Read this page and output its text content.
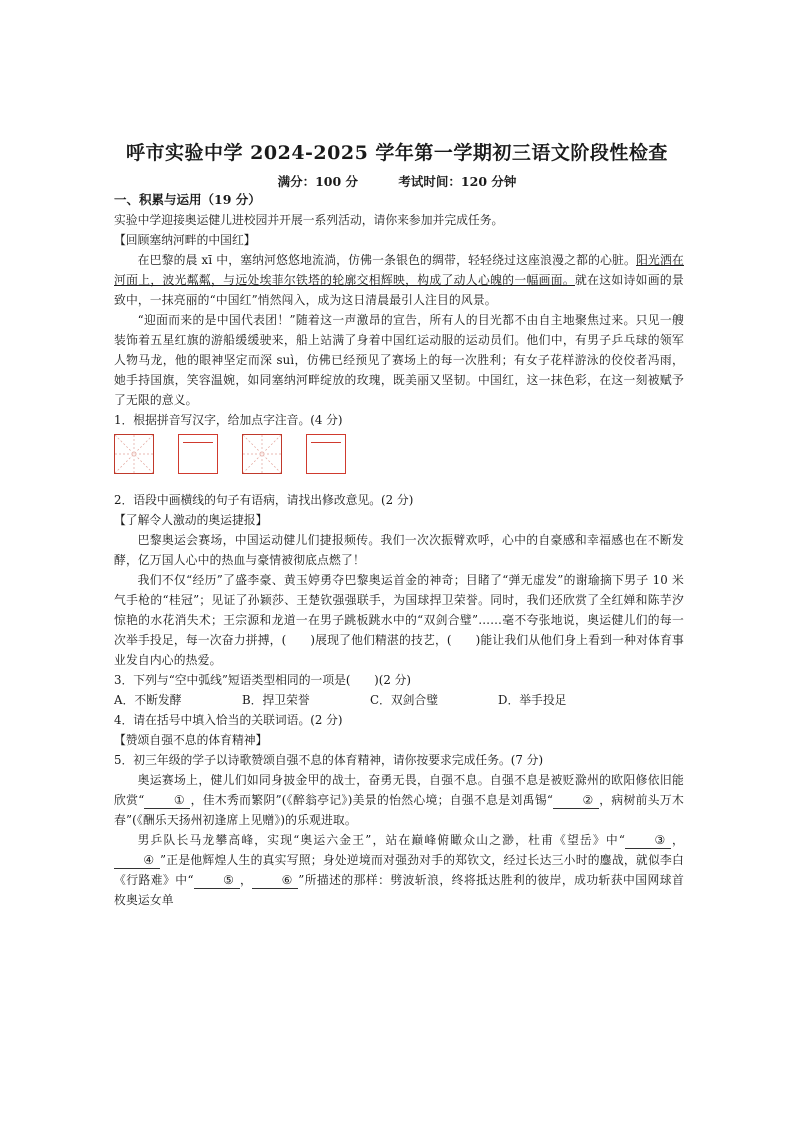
呼市实验中学 2024-2025 学年第一学期初三语文阶段性检查
满分：100 分	考试时间：120 分钟
一、积累与运用（19 分）
实验中学迎接奥运健儿进校园并开展一系列活动，请你来参加并完成任务。
【回顾塞纳河畔的中国红】
在巴黎的晨 xī 中，塞纳河悠悠地流淌，仿佛一条银色的绸带，轻轻绕过这座浪漫之都的心脏。阳光洒在河面上，波光粼粼，与远处埃菲尔铁塔的轮廓交相辉映，构成了动人心魄的一幅画面。就在这如诗如画的景致中，一抹亮丽的“中国红”悄然闯入，成为这日清晨最引人注目的风景。
“迎面而来的是中国代表团！”随着这一声激昂的宣告，所有人的目光都不由自主地聚焦过来。只见一艘装饰着五星红旗的游船缓缓驶来，船上站满了身着中国红运动服的运动员们。他们中，有男子乒乓球的领军人物马龙，他的眼神坚定而深 suì，仿佛已经预见了赛场上的每一次胜利；有女子花样游泳的佼佼者冯雨，她手持国旗，笑容温婉，如同塞纳河畔绽放的玫瑰，既美丽又坚韧。中国红，这一抹色彩，在这一刻被赋予了无限的意义。
1．根据拼音写汉字，给加点字注音。(4 分)
2．语段中画横线的句子有语病，请找出修改意见。(2 分)
【了解令人激动的奥运捷报】
巴黎奥运会赛场，中国运动健儿们捷报频传。我们一次次振臂欢呼，心中的自豪感和幸福感也在不断发酵，亿万国人心中的热血与豪情被彻底点燃了！
我们不仅“经历”了盛李豪、黄玉婷勇夺巴黎奥运首金的神奇；目睹了“弹无虚发”的谢瑜摘下男子 10 米气手枪的“桂冠”；见证了孙颖莎、王楚钦强强联手，为国球捍卫荣誉。同时，我们还欣赏了全红婵和陈芋汐惊艳的水花消失术；王宗源和龙道一在男子跳板跳水中的“双剑合璧”……毫不夸张地说，奥运健儿们的每一次举手投足，每一次奋力拼搏，(　　)展现了他们精湛的技艺，(　　)能让我们从他们身上看到一种对体育事业发自内心的热爱。
3．下列与“空中弧线”短语类型相同的一项是(　　)(2 分)
A．不断发酵	B．捍卫荣誉	C．双剑合璧	D．举手投足
4．请在括号中填入恰当的关联词语。(2 分)
【赞颂自强不息的体育精神】
5．初三年级的学子以诗歌赞颂自强不息的体育精神，请你按要求完成任务。(7 分)
奥运赛场上，健儿们如同身披金甲的战士，奋勇无畏，自强不息。自强不息是被贬滁州的欧阳修依旧能欣赏“ ① ，佳木秀而繁阴”(《醉翁亭记》)美景的怡然心境；自强不息是刘禹锡“ ② ，病树前头万木春”(《酬乐天扬州初逢席上见赠》)的乐观进取。
男乒队长马龙攀高峰，实现“奥运六金王”，站在巅峰俯瞰众山之渺，杜甫《望岳》中“ ③ ，④ ”正是他辉煌人生的真实写照；身处逆境而对强劲对手的郑钦文，经过长达三小时的鏖战，就似李白《行路难》中“ ⑤ ， ⑥ ”所描述的那样：劈波斩浪，终将抵达胜利的彼岸，成功斩获中国网球首枚奥运女单
